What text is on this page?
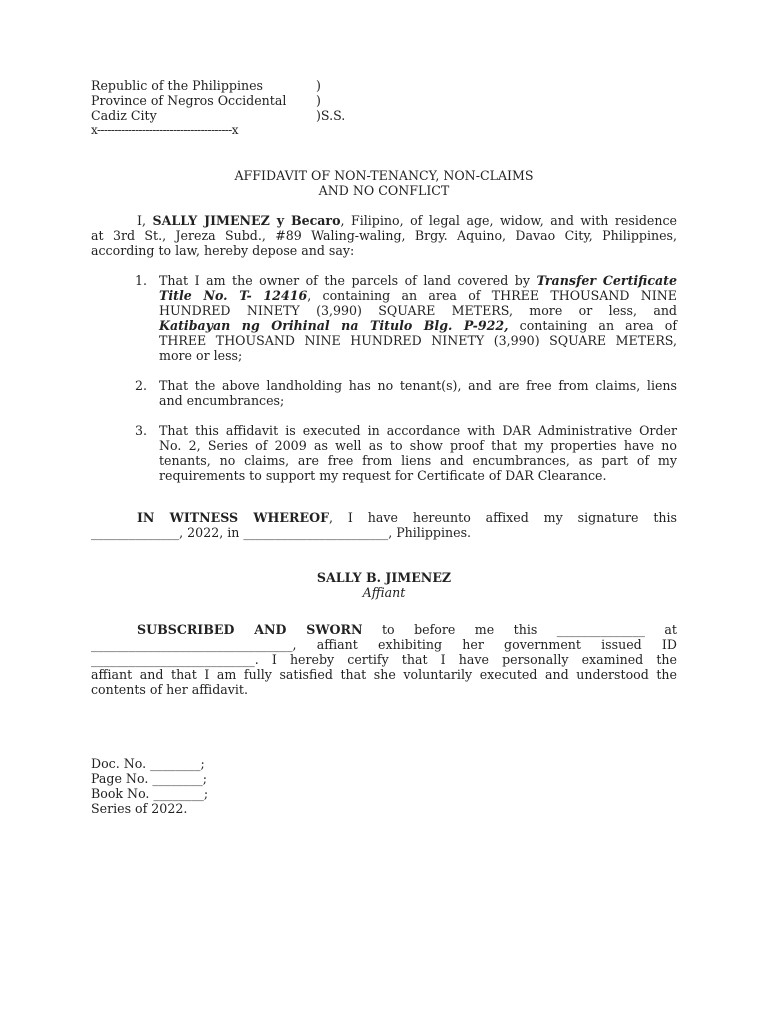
Republic of the Philippines
Province of Negros Occidental
Cadiz City
)
)
)S.S.
x---------------------------------------x
AFFIDAVIT OF NON-TENANCY, NON-CLAIMS
AND NO CONFLICT
I, SALLY JIMENEZ y Becaro, Filipino, of legal age, widow, and with residence
at 3rd St., Jereza Subd., #89 Waling-waling, Brgy. Aquino, Davao City, Philippines,
according to law, hereby depose and say:
1. That I am the owner of the parcels of land covered by Transfer Certificate
Title No. T- 12416, containing an area of THREE THOUSAND NINE
HUNDRED NINETY (3,990) SQUARE METERS, more or less, and
Katibayan ng Orihinal na Titulo Blg. P-922, containing an area of
THREE THOUSAND NINE HUNDRED NINETY (3,990) SQUARE METERS,
more or less;
2. That the above landholding has no tenant(s), and are free from claims, liens
and encumbrances;
3. That this affidavit is executed in accordance with DAR Administrative Order
No. 2, Series of 2009 as well as to show proof that my properties have no
tenants, no claims, are free from liens and encumbrances, as part of my
requirements to support my request for Certificate of DAR Clearance.
IN WITNESS WHEREOF, I have hereunto affixed my signature this
______________, 2022, in _______________________, Philippines.
SALLY B. JIMENEZ
Affiant
SUBSCRIBED AND SWORN to before me this ______________ at
________________________________, affiant exhibiting her government issued ID
__________________________. I hereby certify that I have personally examined the
affiant and that I am fully satisfied that she voluntarily executed and understood the
contents of her affidavit.
Doc. No. ________;
Page No. ________;
Book No. ________;
Series of 2022.
